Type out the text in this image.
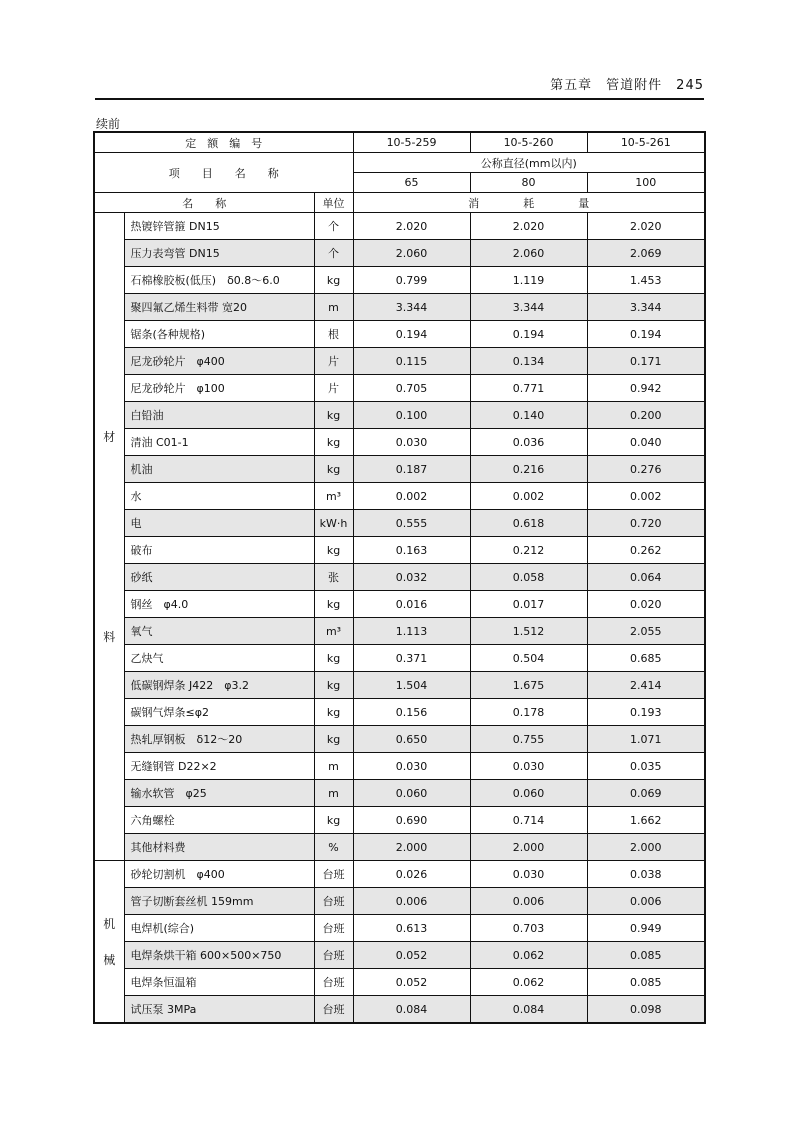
第五章　管道附件　245
续前
定　额　编　号			10-5-259	10-5-260	10-5-261
项　　目　　名　　称			公称直径(mm以内)		
			65	80	100
名　　称		单位	消　　　　耗　　　　量		

材
料	热镀锌管箍 DN15	个	2.020	2.020	2.020
	压力表弯管 DN15	个	2.060	2.060	2.069
	石棉橡胶板(低压)　δ0.8～6.0	kg	0.799	1.119	1.453
	聚四氟乙烯生料带 宽20	m	3.344	3.344	3.344
	锯条(各种规格)	根	0.194	0.194	0.194
	尼龙砂轮片　φ400	片	0.115	0.134	0.171
	尼龙砂轮片　φ100	片	0.705	0.771	0.942
	白铅油	kg	0.100	0.140	0.200
	清油 C01-1	kg	0.030	0.036	0.040
	机油	kg	0.187	0.216	0.276
	水	m³	0.002	0.002	0.002
	电	kW·h	0.555	0.618	0.720
	破布	kg	0.163	0.212	0.262
	砂纸	张	0.032	0.058	0.064
	钢丝　φ4.0	kg	0.016	0.017	0.020
	氧气	m³	1.113	1.512	2.055
	乙炔气	kg	0.371	0.504	0.685
	低碳钢焊条 J422　φ3.2	kg	1.504	1.675	2.414
	碳钢气焊条≤φ2	kg	0.156	0.178	0.193
	热轧厚钢板　δ12～20	kg	0.650	0.755	1.071
	无缝钢管 D22×2	m	0.030	0.030	0.035
	输水软管　φ25	m	0.060	0.060	0.069
	六角螺栓	kg	0.690	0.714	1.662
	其他材料费	%	2.000	2.000	2.000

机
械	砂轮切割机　φ400	台班	0.026	0.030	0.038
	管子切断套丝机 159mm	台班	0.006	0.006	0.006
	电焊机(综合)	台班	0.613	0.703	0.949
	电焊条烘干箱 600×500×750	台班	0.052	0.062	0.085
	电焊条恒温箱	台班	0.052	0.062	0.085
	试压泵 3MPa	台班	0.084	0.084	0.098
